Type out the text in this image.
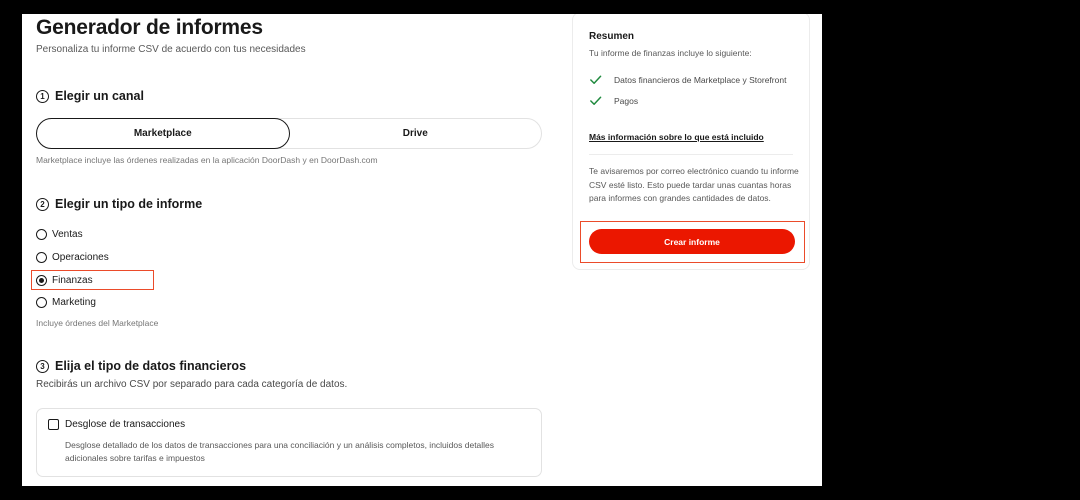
Generador de informes
Personaliza tu informe CSV de acuerdo con tus necesidades
1 Elegir un canal
Marketplace	Drive
Marketplace incluye las órdenes realizadas en la aplicación DoorDash y en DoorDash.com
2 Elegir un tipo de informe
Ventas
Operaciones
Finanzas
Marketing
Incluye órdenes del Marketplace
3 Elija el tipo de datos financieros
Recibirás un archivo CSV por separado para cada categoría de datos.
Desglose de transacciones
Desglose detallado de los datos de transacciones para una conciliación y un análisis completos, incluidos detalles adicionales sobre tarifas e impuestos
Resumen
Tu informe de finanzas incluye lo siguiente:
Datos financieros de Marketplace y Storefront
Pagos
Más información sobre lo que está incluido
Te avisaremos por correo electrónico cuando tu informe CSV esté listo. Esto puede tardar unas cuantas horas para informes con grandes cantidades de datos.
Crear informe
